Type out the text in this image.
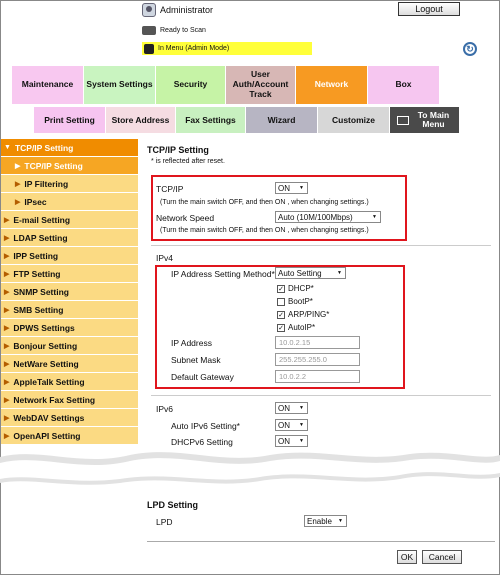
Administrator	Logout
Ready to Scan
In Menu (Admin Mode)	↻
Maintenance	System Settings	Security
User Auth/Account Track
Network	Box
Print Setting	Store Address	Fax Settings	Wizard	Customize
To Main Menu
▼ TCP/IP Setting
▶ TCP/IP Setting
▶ IP Filtering
▶ IPsec
▶ E-mail Setting
▶ LDAP Setting
▶ IPP Setting
▶ FTP Setting
▶ SNMP Setting
▶ SMB Setting
▶ DPWS Settings
▶ Bonjour Setting
▶ NetWare Setting
▶ AppleTalk Setting
▶ Network Fax Setting
▶ WebDAV Settings
▶ OpenAPI Setting
TCP/IP Setting
* is reflected after reset.
TCP/IP	ON ▼
(Turn the main switch OFF, and then ON , when changing settings.)
Network Speed	Auto (10M/100Mbps) ▼
(Turn the main switch OFF, and then ON , when changing settings.)
IPv4
IP Address Setting Method* Auto Setting ▼
✓ DHCP*
BootP*
✓ ARP/PING*
✓ AutoIP*
IP Address	10.0.2.15
Subnet Mask	255.255.255.0
Default Gateway	10.0.2.2
IPv6	ON ▼
Auto IPv6 Setting*	ON ▼
DHCPv6 Setting	ON ▼
LPD Setting
LPD	Enable ▼
OK	Cancel
